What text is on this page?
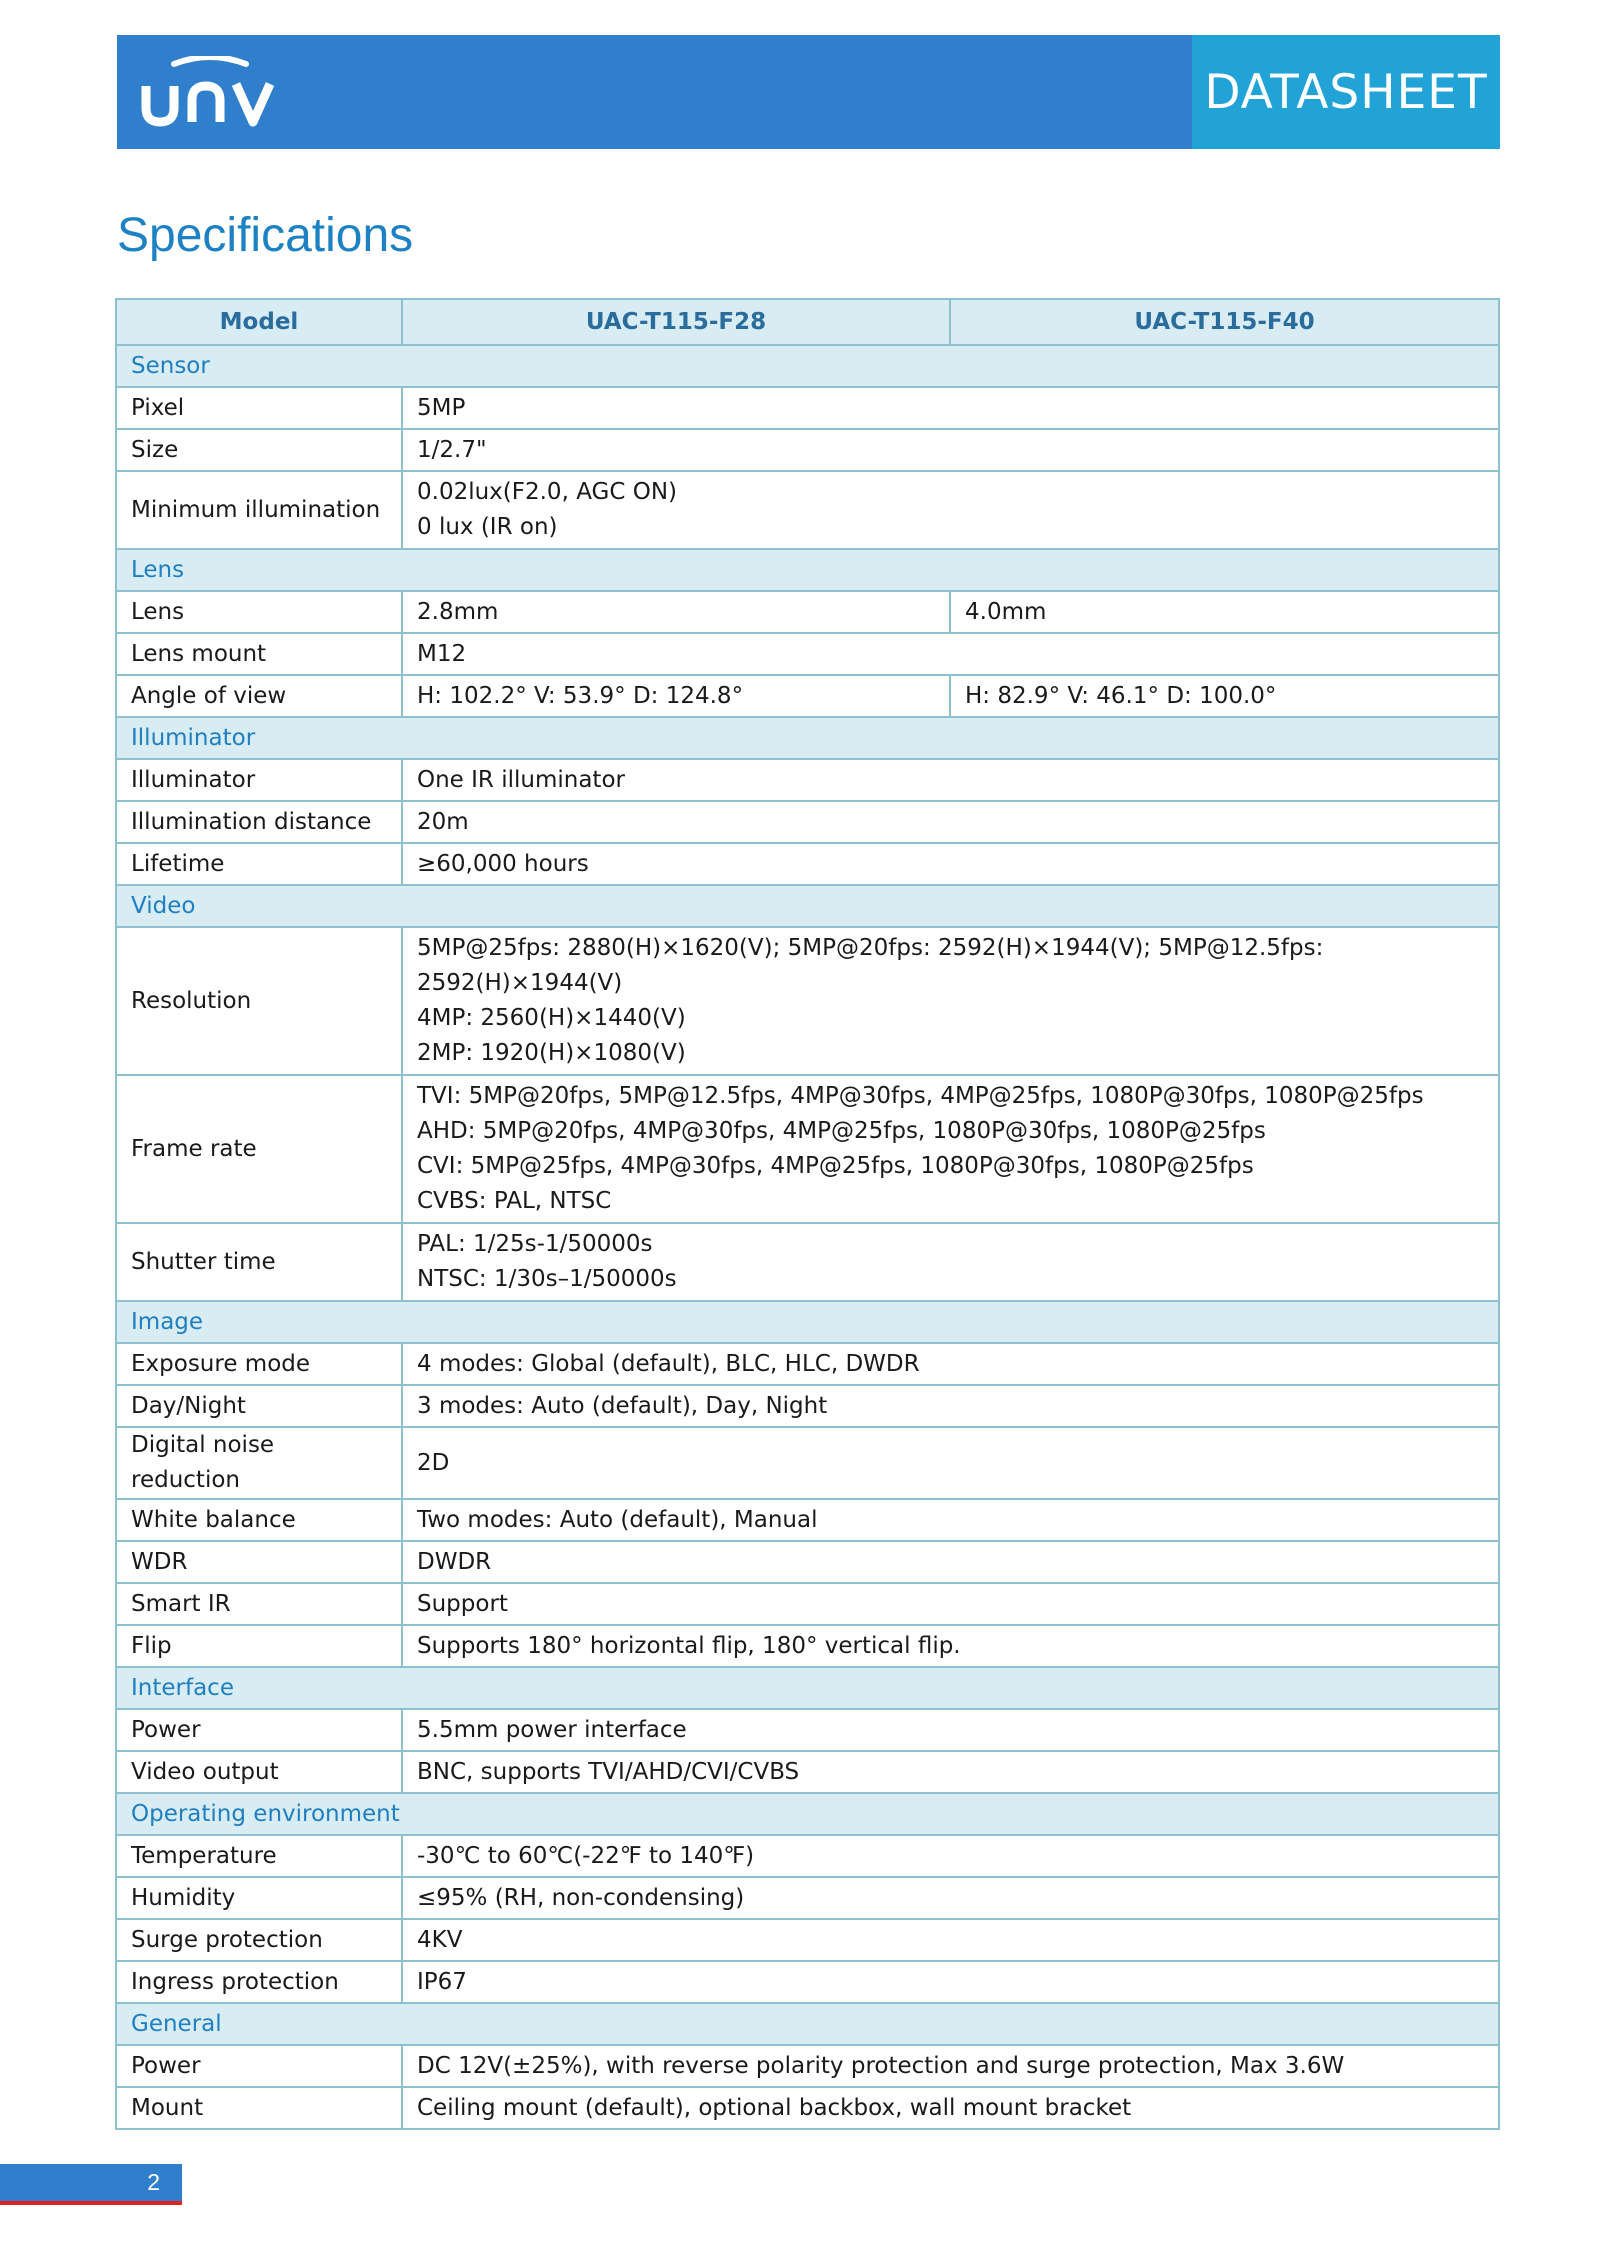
DATASHEET
Specifications
Model	UAC-T115-F28	UAC-T115-F40
Sensor		
Pixel	5MP	
Size	1/2.7"	
Minimum illumination	0.02lux(F2.0, AGC ON)
0 lux (IR on)	
Lens		
Lens	2.8mm	4.0mm
Lens mount	M12	
Angle of view	H: 102.2° V: 53.9° D: 124.8°	H: 82.9° V: 46.1° D: 100.0°
Illuminator		
Illuminator	One IR illuminator	
Illumination distance	20m	
Lifetime	≥60,000 hours	
Video		
Resolution	5MP@25fps: 2880(H)×1620(V); 5MP@20fps: 2592(H)×1944(V); 5MP@12.5fps: 2592(H)×1944(V)
4MP: 2560(H)×1440(V)
2MP: 1920(H)×1080(V)	
Frame rate	TVI: 5MP@20fps, 5MP@12.5fps, 4MP@30fps, 4MP@25fps, 1080P@30fps, 1080P@25fps
AHD: 5MP@20fps, 4MP@30fps, 4MP@25fps, 1080P@30fps, 1080P@25fps
CVI: 5MP@25fps, 4MP@30fps, 4MP@25fps, 1080P@30fps, 1080P@25fps
CVBS: PAL, NTSC	
Shutter time	PAL: 1/25s-1/50000s
NTSC: 1/30s–1/50000s	
Image		
Exposure mode	4 modes: Global (default), BLC, HLC, DWDR	
Day/Night	3 modes: Auto (default), Day, Night	
Digital noise reduction	2D	
White balance	Two modes: Auto (default), Manual	
WDR	DWDR	
Smart IR	Support	
Flip	Supports 180° horizontal flip, 180° vertical flip.	
Interface		
Power	5.5mm power interface	
Video output	BNC, supports TVI/AHD/CVI/CVBS	
Operating environment		
Temperature	-30℃ to 60℃(-22℉ to 140℉)	
Humidity	≤95% (RH, non-condensing)	
Surge protection	4KV	
Ingress protection	IP67	
General		
Power	DC 12V(±25%), with reverse polarity protection and surge protection, Max 3.6W	
Mount	Ceiling mount (default), optional backbox, wall mount bracket	
2
